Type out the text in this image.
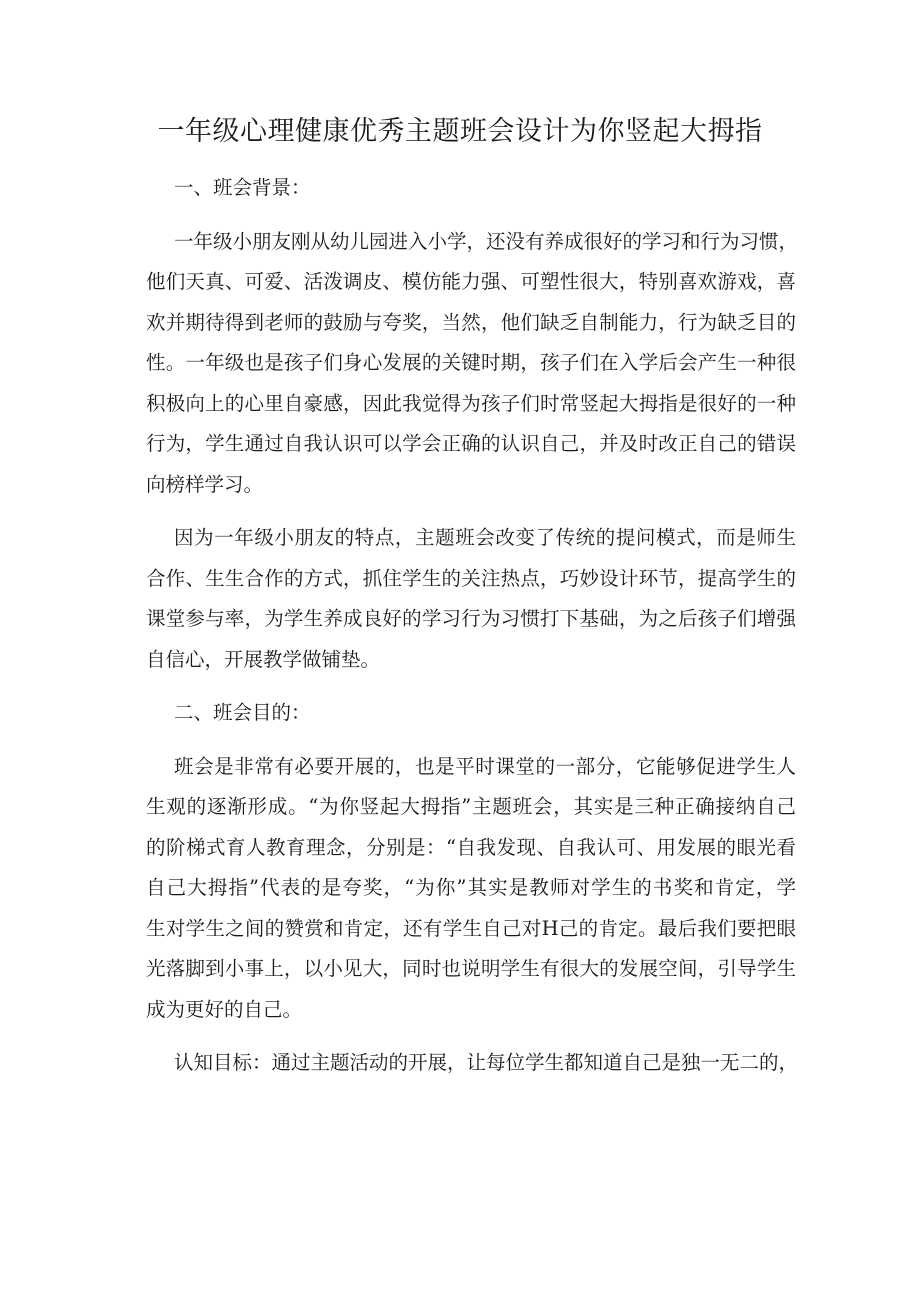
一年级心理健康优秀主题班会设计为你竖起大拇指

一、班会背景：

一年级小朋友刚从幼儿园进入小学，还没有养成很好的学习和行为习惯，
他们天真、可爱、活泼调皮、模仿能力强、可塑性很大，特别喜欢游戏，喜
欢并期待得到老师的鼓励与夸奖，当然，他们缺乏自制能力，行为缺乏目的
性。一年级也是孩子们身心发展的关键时期，孩子们在入学后会产生一种很
积极向上的心里自豪感，因此我觉得为孩子们时常竖起大拇指是很好的一种
行为，学生通过自我认识可以学会正确的认识自己，并及时改正自己的错误
向榜样学习。
因为一年级小朋友的特点，主题班会改变了传统的提问模式，而是师生
合作、生生合作的方式，抓住学生的关注热点，巧妙设计环节，提高学生的
课堂参与率，为学生养成良好的学习行为习惯打下基础，为之后孩子们增强
自信心，开展教学做铺垫。

二、班会目的：

班会是非常有必要开展的，也是平时课堂的一部分，它能够促进学生人
生观的逐渐形成。“为你竖起大拇指”主题班会，其实是三种正确接纳自己
的阶梯式育人教育理念，分别是：“自我发现、自我认可、用发展的眼光看
自己大拇指”代表的是夸奖，“为你”其实是教师对学生的书奖和肯定，学
生对学生之间的赞赏和肯定，还有学生自己对H己的肯定。最后我们要把眼
光落脚到小事上，以小见大，同时也说明学生有很大的发展空间，引导学生
成为更好的自己。
认知目标：通过主题活动的开展，让每位学生都知道自己是独一无二的，
